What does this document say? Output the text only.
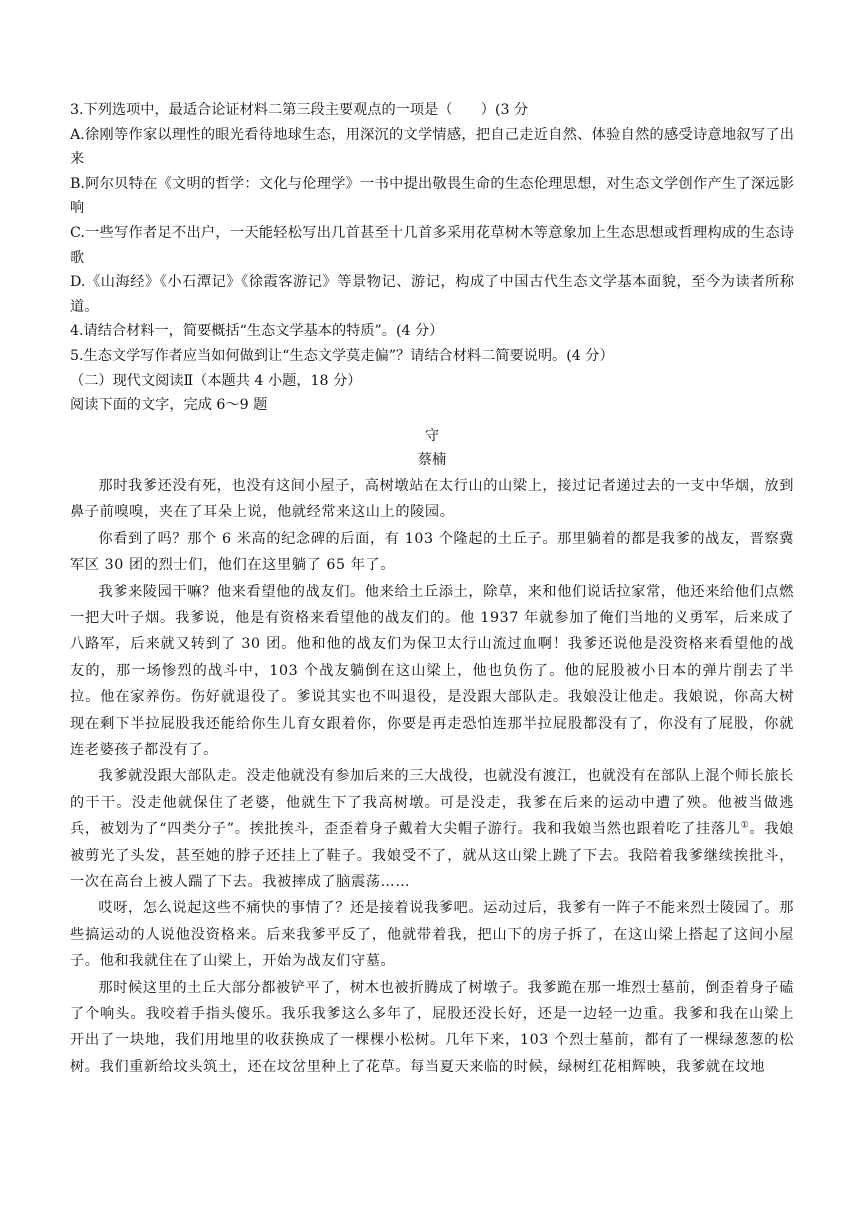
3.下列选项中，最适合论证材料二第三段主要观点的一项是（　　）(3 分

A.徐刚等作家以理性的眼光看待地球生态，用深沉的文学情感，把自己走近自然、体验自然的感受诗意地叙写了出来

B.阿尔贝特在《文明的哲学：文化与伦理学》一书中提出敬畏生命的生态伦理思想，对生态文学创作产生了深远影响

C.一些写作者足不出户，一天能轻松写出几首甚至十几首多采用花草树木等意象加上生态思想或哲理构成的生态诗歌

D.《山海经》《小石潭记》《徐霞客游记》等景物记、游记，构成了中国古代生态文学基本面貌，至今为读者所称道。

4.请结合材料一，简要概括“生态文学基本的特质”。(4 分）

5.生态文学写作者应当如何做到让“生态文学莫走偏”？请结合材料二简要说明。(4 分）

（二）现代文阅读Ⅱ（本题共 4 小题，18 分）

阅读下面的文字，完成 6～9 题

守

蔡楠

那时我爹还没有死，也没有这间小屋子，高树墩站在太行山的山梁上，接过记者递过去的一支中华烟，放到鼻子前嗅嗅，夹在了耳朵上说，他就经常来这山上的陵园。

你看到了吗？那个 6 米高的纪念碑的后面，有 103 个隆起的土丘子。那里躺着的都是我爹的战友，晋察冀军区 30 团的烈士们，他们在这里躺了 65 年了。

我爹来陵园干嘛？他来看望他的战友们。他来给土丘添土，除草，来和他们说话拉家常，他还来给他们点燃一把大叶子烟。我爹说，他是有资格来看望他的战友们的。他 1937 年就参加了俺们当地的义勇军，后来成了八路军，后来就又转到了 30 团。他和他的战友们为保卫太行山流过血啊！我爹还说他是没资格来看望他的战友的，那一场惨烈的战斗中，103 个战友躺倒在这山梁上，他也负伤了。他的屁股被小日本的弹片削去了半拉。他在家养伤。伤好就退役了。爹说其实也不叫退役，是没跟大部队走。我娘没让他走。我娘说，你高大树现在剩下半拉屁股我还能给你生儿育女跟着你，你要是再走恐怕连那半拉屁股都没有了，你没有了屁股，你就连老婆孩子都没有了。

我爹就没跟大部队走。没走他就没有参加后来的三大战役，也就没有渡江，也就没有在部队上混个师长旅长的干干。没走他就保住了老婆，他就生下了我高树墩。可是没走，我爹在后来的运动中遭了殃。他被当做逃兵，被划为了“四类分子”。挨批挨斗，歪歪着身子戴着大尖帽子游行。我和我娘当然也跟着吃了挂落儿①。我娘被剪光了头发，甚至她的脖子还挂上了鞋子。我娘受不了，就从这山梁上跳了下去。我陪着我爹继续挨批斗，一次在高台上被人踹了下去。我被摔成了脑震荡……

哎呀，怎么说起这些不痛快的事情了？还是接着说我爹吧。运动过后，我爹有一阵子不能来烈士陵园了。那些搞运动的人说他没资格来。后来我爹平反了，他就带着我，把山下的房子拆了，在这山梁上搭起了这间小屋子。他和我就住在了山梁上，开始为战友们守墓。

那时候这里的土丘大部分都被铲平了，树木也被折腾成了树墩子。我爹跪在那一堆烈士墓前，倒歪着身子磕了个响头。我咬着手指头傻乐。我乐我爹这么多年了，屁股还没长好，还是一边轻一边重。我爹和我在山梁上开出了一块地，我们用地里的收获换成了一棵棵小松树。几年下来，103 个烈士墓前，都有了一棵绿葱葱的松树。我们重新给坟头筑土，还在坟岔里种上了花草。每当夏天来临的时候，绿树红花相辉映，我爹就在坟地
